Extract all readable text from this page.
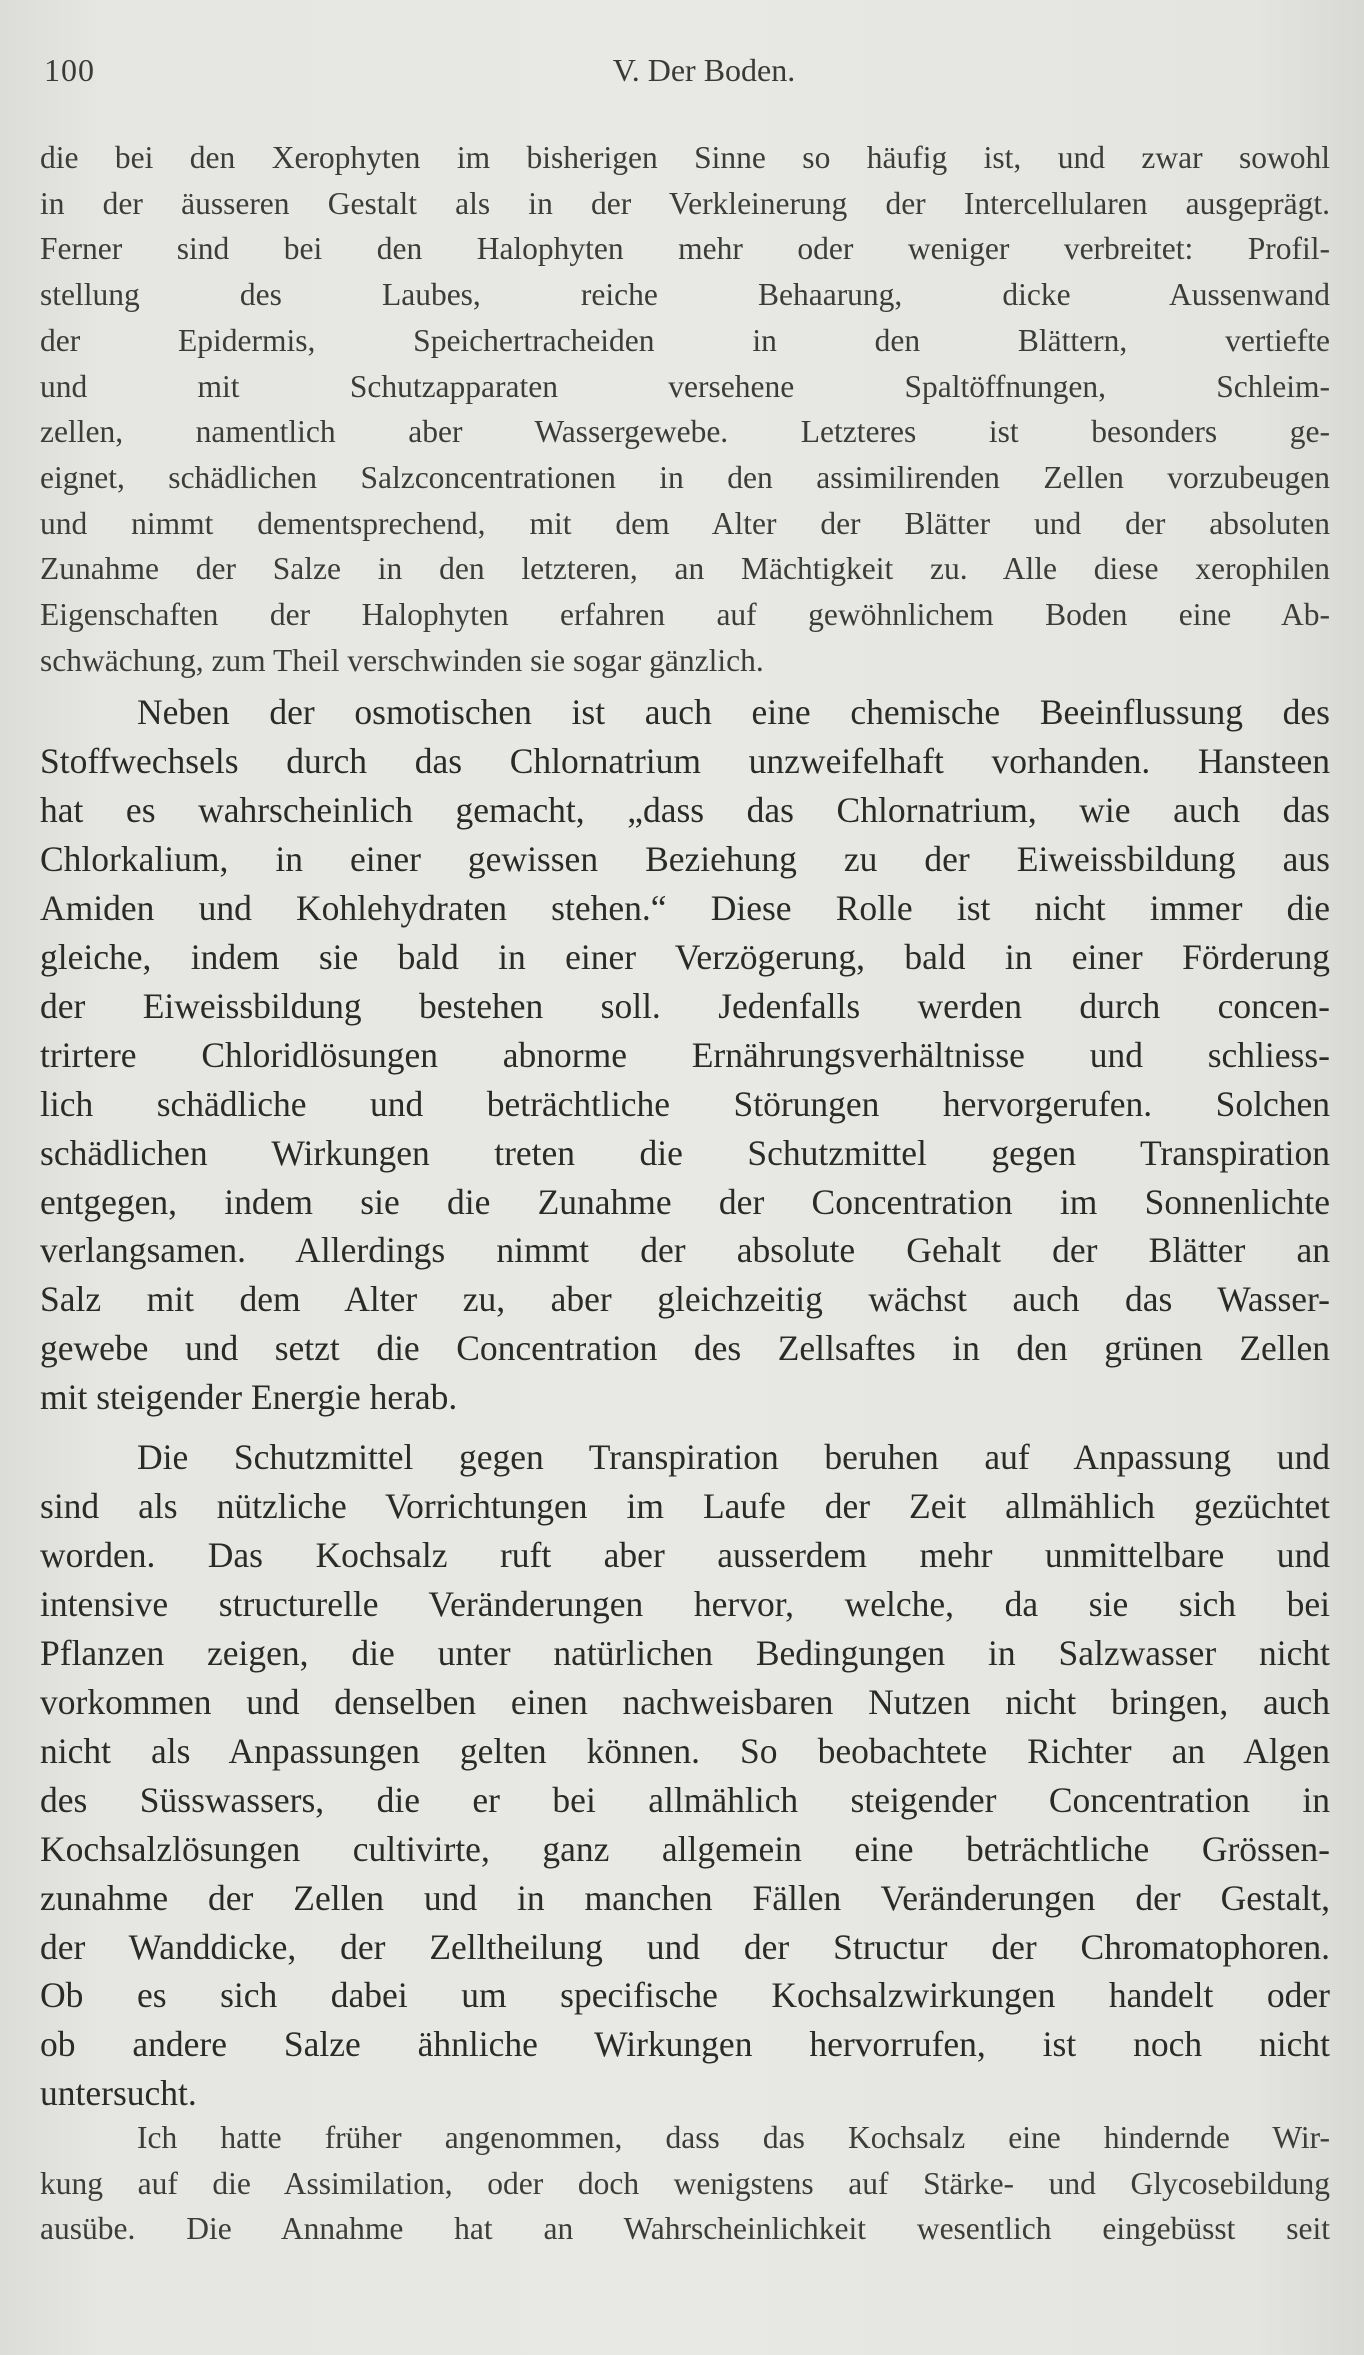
100	V. Der Boden.
die bei den Xerophyten im bisherigen Sinne so häufig ist, und zwar sowohl
in der äusseren Gestalt als in der Verkleinerung der Intercellularen ausgeprägt.
Ferner sind bei den Halophyten mehr oder weniger verbreitet: Profil-
stellung des Laubes, reiche Behaarung, dicke Aussenwand
der Epidermis, Speichertracheiden in den Blättern, vertiefte
und mit Schutzapparaten versehene Spaltöffnungen, Schleim-
zellen, namentlich aber Wassergewebe. Letzteres ist besonders ge-
eignet, schädlichen Salzconcentrationen in den assimilirenden Zellen vorzubeugen
und nimmt dementsprechend, mit dem Alter der Blätter und der absoluten
Zunahme der Salze in den letzteren, an Mächtigkeit zu. Alle diese xerophilen
Eigenschaften der Halophyten erfahren auf gewöhnlichem Boden eine Ab-
schwächung, zum Theil verschwinden sie sogar gänzlich.
Neben der osmotischen ist auch eine chemische Beeinflussung des
Stoffwechsels durch das Chlornatrium unzweifelhaft vorhanden. Hansteen
hat es wahrscheinlich gemacht, „dass das Chlornatrium, wie auch das
Chlorkalium, in einer gewissen Beziehung zu der Eiweissbildung aus
Amiden und Kohlehydraten stehen.“ Diese Rolle ist nicht immer die
gleiche, indem sie bald in einer Verzögerung, bald in einer Förderung
der Eiweissbildung bestehen soll. Jedenfalls werden durch concen-
trirtere Chloridlösungen abnorme Ernährungsverhältnisse und schliess-
lich schädliche und beträchtliche Störungen hervorgerufen. Solchen
schädlichen Wirkungen treten die Schutzmittel gegen Transpiration
entgegen, indem sie die Zunahme der Concentration im Sonnenlichte
verlangsamen. Allerdings nimmt der absolute Gehalt der Blätter an
Salz mit dem Alter zu, aber gleichzeitig wächst auch das Wasser-
gewebe und setzt die Concentration des Zellsaftes in den grünen Zellen
mit steigender Energie herab.
Die Schutzmittel gegen Transpiration beruhen auf Anpassung und
sind als nützliche Vorrichtungen im Laufe der Zeit allmählich gezüchtet
worden. Das Kochsalz ruft aber ausserdem mehr unmittelbare und
intensive structurelle Veränderungen hervor, welche, da sie sich bei
Pflanzen zeigen, die unter natürlichen Bedingungen in Salzwasser nicht
vorkommen und denselben einen nachweisbaren Nutzen nicht bringen, auch
nicht als Anpassungen gelten können. So beobachtete Richter an Algen
des Süsswassers, die er bei allmählich steigender Concentration in
Kochsalzlösungen cultivirte, ganz allgemein eine beträchtliche Grössen-
zunahme der Zellen und in manchen Fällen Veränderungen der Gestalt,
der Wanddicke, der Zelltheilung und der Structur der Chromatophoren.
Ob es sich dabei um specifische Kochsalzwirkungen handelt oder
ob andere Salze ähnliche Wirkungen hervorrufen, ist noch nicht
untersucht.
Ich hatte früher angenommen, dass das Kochsalz eine hindernde Wir-
kung auf die Assimilation, oder doch wenigstens auf Stärke- und Glycosebildung
ausübe. Die Annahme hat an Wahrscheinlichkeit wesentlich eingebüsst seit
